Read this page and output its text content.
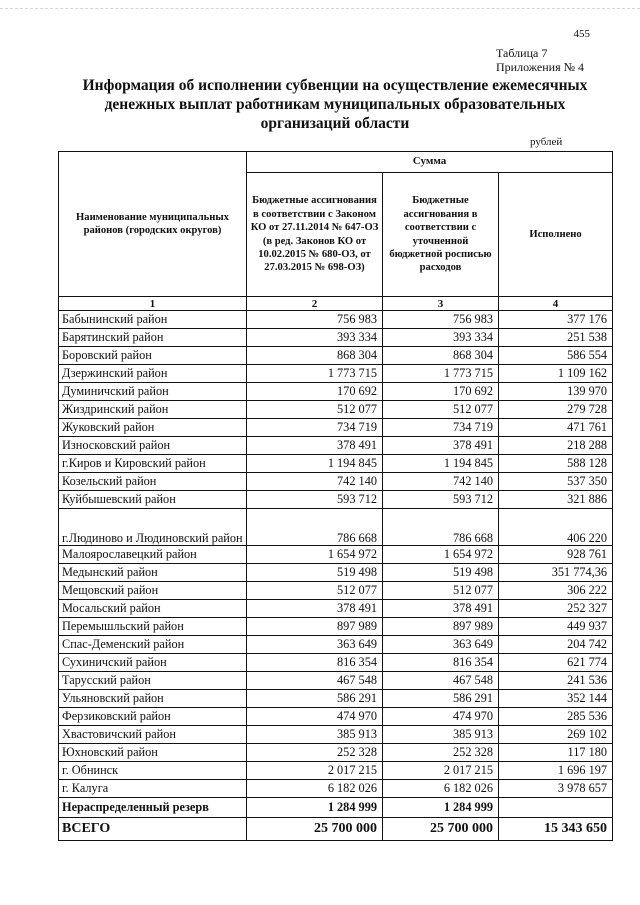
455
Таблица 7
Приложения № 4
Информация об исполнении субвенции на осуществление ежемесячных денежных выплат работникам муниципальных образовательных организаций области
рублей
Наименование муниципальных районов (городских округов)	Сумма		
	Бюджетные ассигнования в соответствии с Законом КО от 27.11.2014 № 647-ОЗ (в ред. Законов КО от 10.02.2015 № 680-ОЗ, от 27.03.2015 № 698-ОЗ)	Бюджетные ассигнования в соответствии с уточненной бюджетной росписью расходов	Исполнено
1	2	3	4
Бабынинский район	756 983	756 983	377 176
Барятинский район	393 334	393 334	251 538
Боровский район	868 304	868 304	586 554
Дзержинский район	1 773 715	1 773 715	1 109 162
Думиничский район	170 692	170 692	139 970
Жиздринский район	512 077	512 077	279 728
Жуковский район	734 719	734 719	471 761
Износковский район	378 491	378 491	218 288
г.Киров и Кировский район	1 194 845	1 194 845	588 128
Козельский район	742 140	742 140	537 350
Куйбышевский район	593 712	593 712	321 886
г.Людиново и Людиновский район	786 668	786 668	406 220
Малоярославецкий район	1 654 972	1 654 972	928 761
Медынский район	519 498	519 498	351 774,36
Мещовский район	512 077	512 077	306 222
Мосальский район	378 491	378 491	252 327
Перемышльский район	897 989	897 989	449 937
Спас-Деменский район	363 649	363 649	204 742
Сухиничский район	816 354	816 354	621 774
Тарусский район	467 548	467 548	241 536
Ульяновский район	586 291	586 291	352 144
Ферзиковский район	474 970	474 970	285 536
Хвастовичский район	385 913	385 913	269 102
Юхновский район	252 328	252 328	117 180
г. Обнинск	2 017 215	2 017 215	1 696 197
г. Калуга	6 182 026	6 182 026	3 978 657
Нераспределенный резерв	1 284 999	1 284 999	
ВСЕГО	25 700 000	25 700 000	15 343 650
